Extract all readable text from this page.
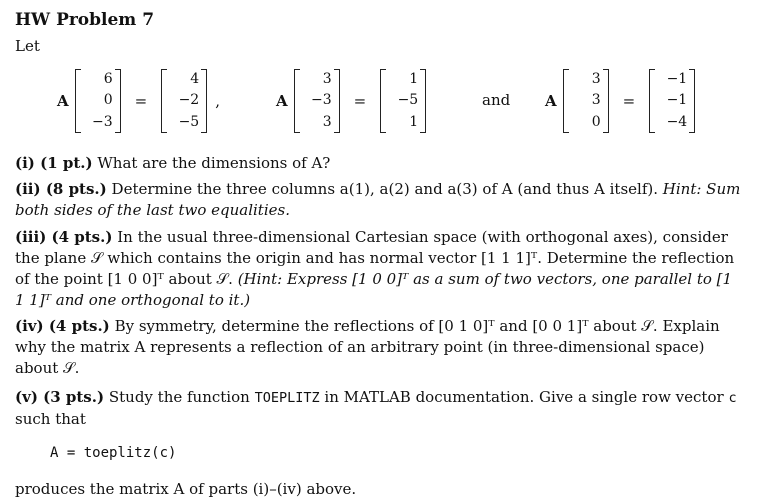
HW Problem 7
Let
A
6
0
−3
=
4
−2
−5
,	A
3
−3
3
=
1
−5
1
and A
3
3
0
=
−1
−1
−4
(i) (1 pt.) What are the dimensions of A?
(ii) (8 pts.) Determine the three columns a(1), a(2) and a(3) of A (and thus A itself). Hint: Sum both sides of the last two equalities.
(iii) (4 pts.) In the usual three-dimensional Cartesian space (with orthogonal axes), consider the plane 𝒮 which contains the origin and has normal vector [1 1 1]ᵀ. Determine the reflection of the point [1 0 0]ᵀ about 𝒮. (Hint: Express [1 0 0]ᵀ as a sum of two vectors, one parallel to [1 1 1]ᵀ and one orthogonal to it.)
(iv) (4 pts.) By symmetry, determine the reflections of [0 1 0]ᵀ and [0 0 1]ᵀ about 𝒮. Explain why the matrix A represents a reflection of an arbitrary point (in three-dimensional space) about 𝒮.
(v) (3 pts.) Study the function TOEPLITZ in MATLAB documentation. Give a single row vector c such that
A = toeplitz(c)
produces the matrix A of parts (i)–(iv) above.
